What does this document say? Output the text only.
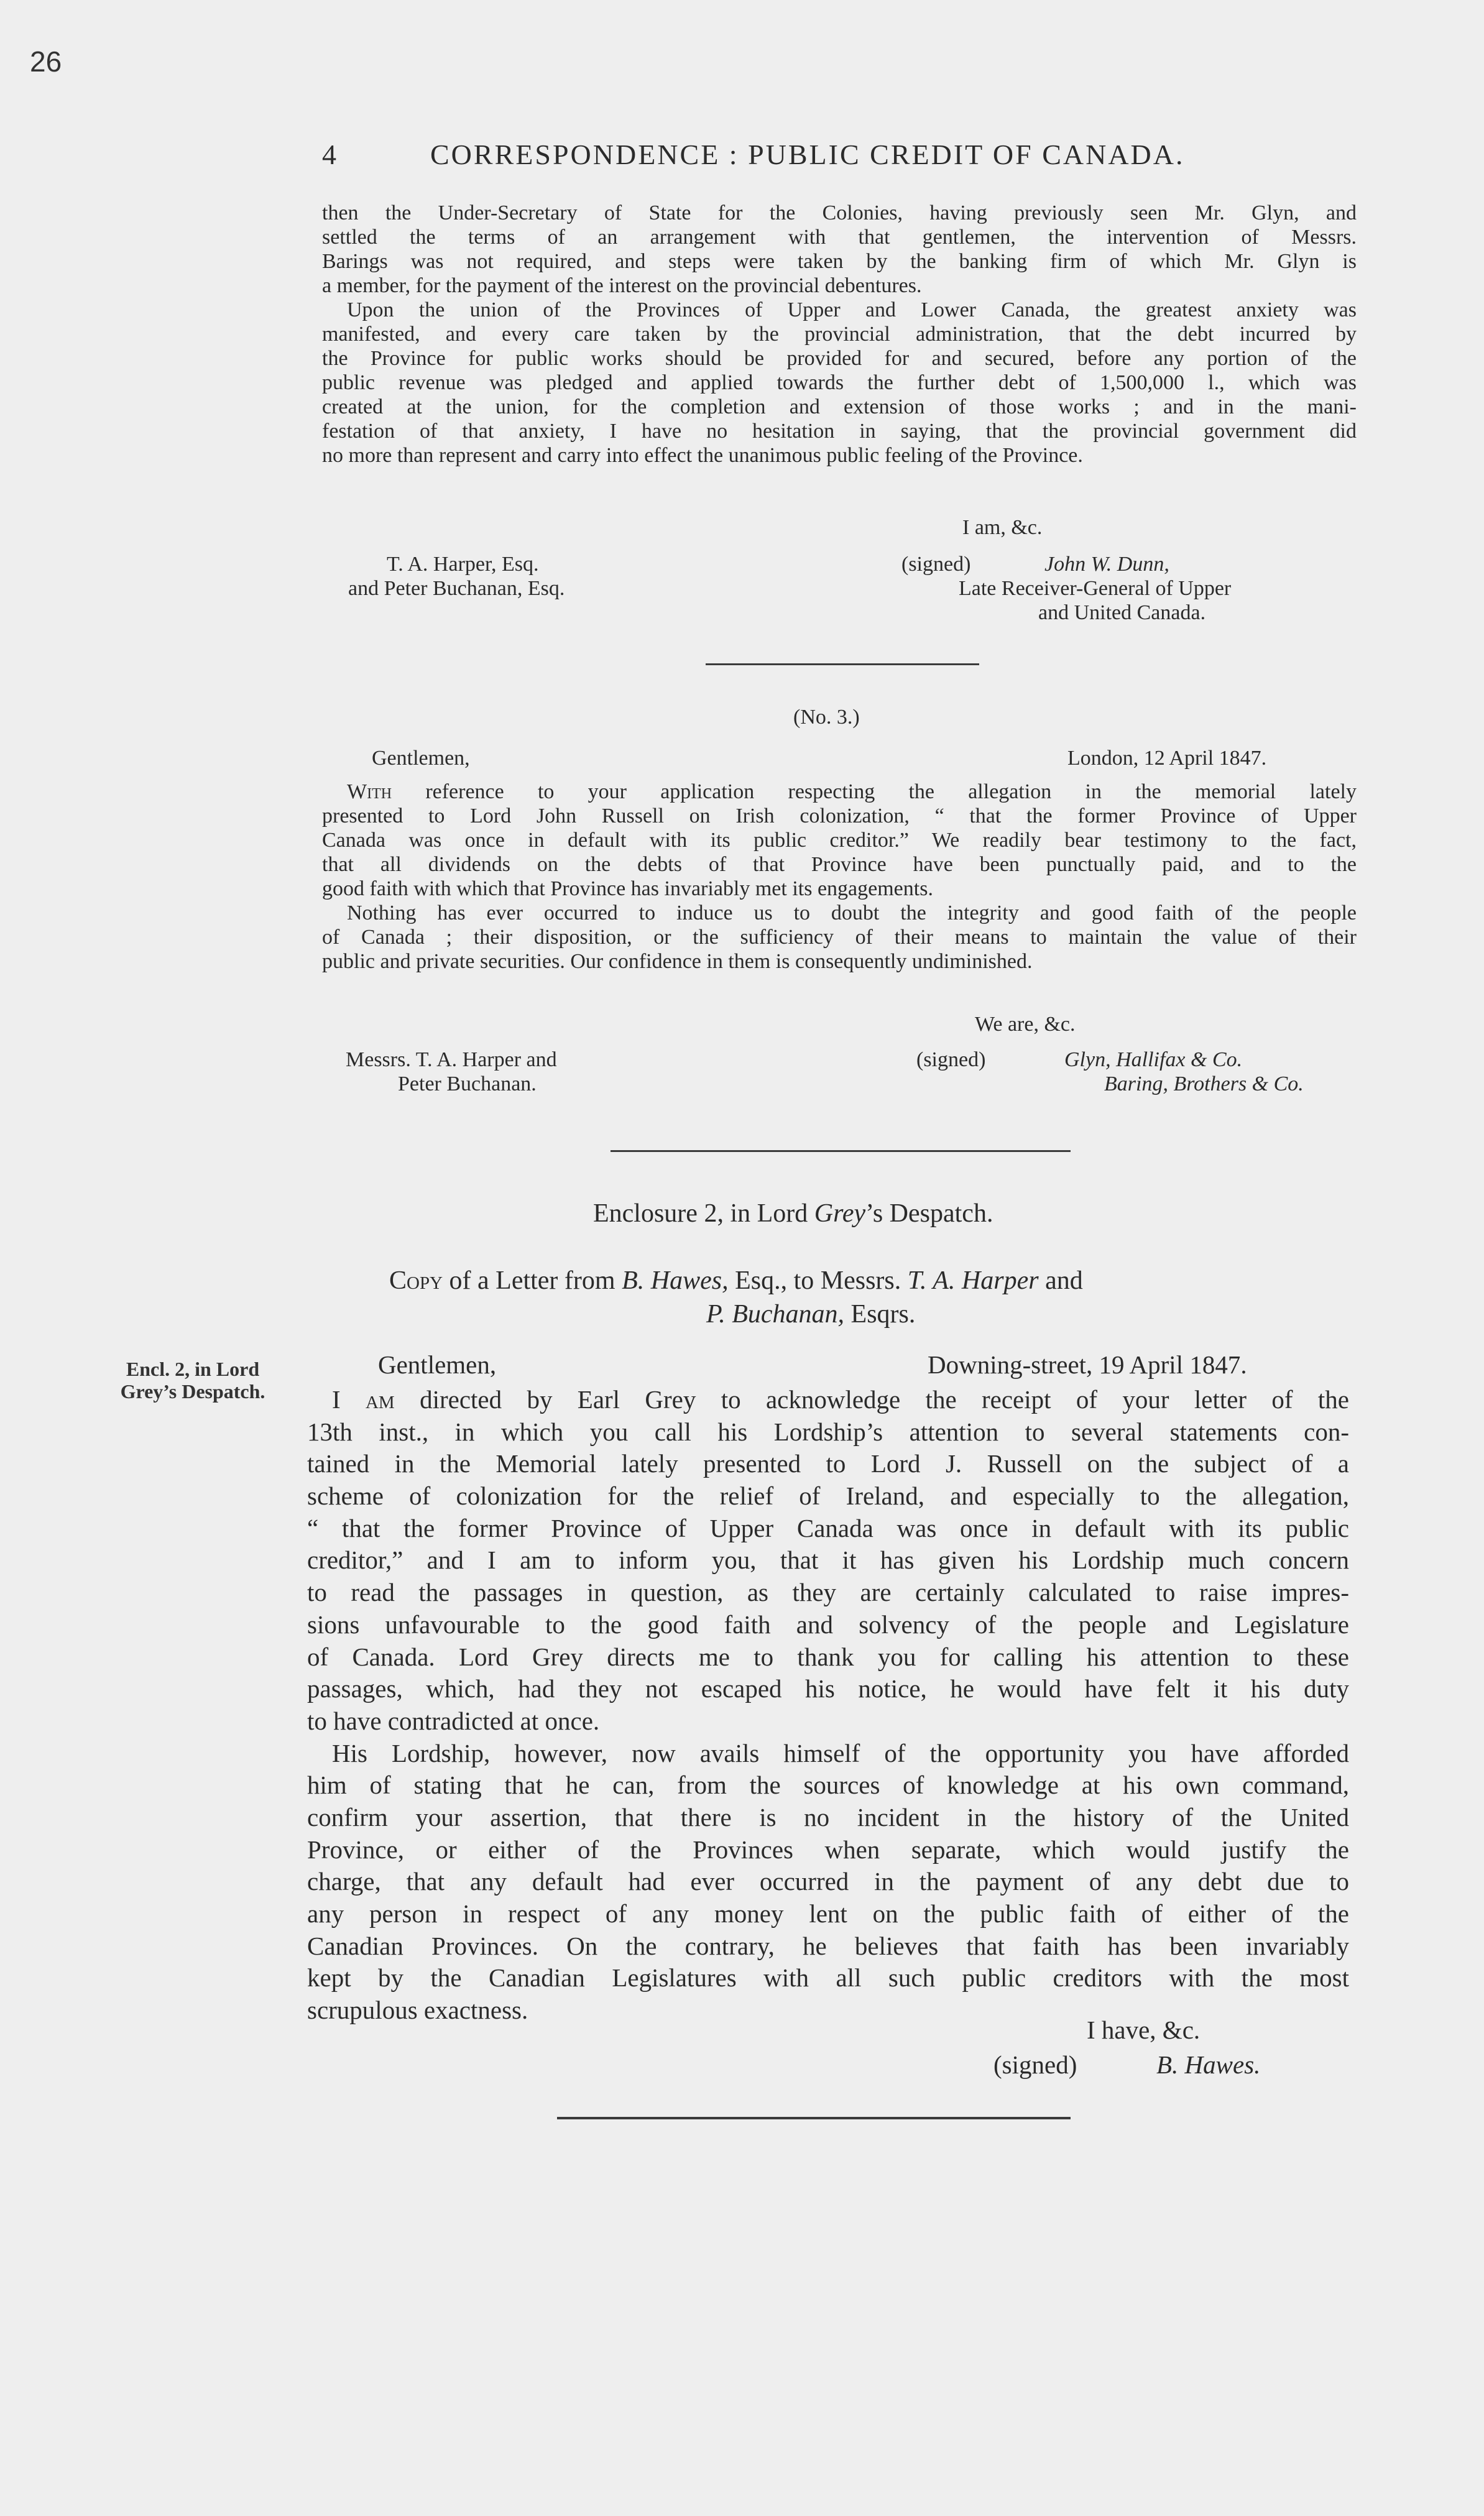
26
4	CORRESPONDENCE : PUBLIC CREDIT OF CANADA.
then the Under-Secretary of State for the Colonies, having previously seen Mr. Glyn, and
settled the terms of an arrangement with that gentlemen, the intervention of Messrs.
Barings was not required, and steps were taken by the banking firm of which Mr. Glyn is
a member, for the payment of the interest on the provincial debentures.
Upon the union of the Provinces of Upper and Lower Canada, the greatest anxiety was
manifested, and every care taken by the provincial administration, that the debt incurred by
the Province for public works should be provided for and secured, before any portion of the
public revenue was pledged and applied towards the further debt of 1,500,000 l., which was
created at the union, for the completion and extension of those works ; and in the mani-
festation of that anxiety, I have no hesitation in saying, that the provincial government did
no more than represent and carry into effect the unanimous public feeling of the Province.
I am, &c.
T. A. Harper, Esq.
and Peter Buchanan, Esq.
(signed)	John W. Dunn,
Late Receiver-General of Upper
and United Canada.
(No. 3.)
Gentlemen,	London, 12 April 1847.
With reference to your application respecting the allegation in the memorial lately
presented to Lord John Russell on Irish colonization, “ that the former Province of Upper
Canada was once in default with its public creditor.” We readily bear testimony to the fact,
that all dividends on the debts of that Province have been punctually paid, and to the
good faith with which that Province has invariably met its engagements.
Nothing has ever occurred to induce us to doubt the integrity and good faith of the people
of Canada ; their disposition, or the sufficiency of their means to maintain the value of their
public and private securities. Our confidence in them is consequently undiminished.
We are, &c.
Messrs. T. A. Harper and
Peter Buchanan.
(signed)	Glyn, Hallifax & Co.
Baring, Brothers & Co.
Enclosure 2, in Lord Grey’s Despatch.
Copy of a Letter from B. Hawes, Esq., to Messrs. T. A. Harper and
P. Buchanan, Esqrs.
Encl. 2, in Lord
Grey’s Despatch.
Gentlemen,	Downing-street, 19 April 1847.
I am directed by Earl Grey to acknowledge the receipt of your letter of the
13th inst., in which you call his Lordship’s attention to several statements con-
tained in the Memorial lately presented to Lord J. Russell on the subject of a
scheme of colonization for the relief of Ireland, and especially to the allegation,
“ that the former Province of Upper Canada was once in default with its public
creditor,” and I am to inform you, that it has given his Lordship much concern
to read the passages in question, as they are certainly calculated to raise impres-
sions unfavourable to the good faith and solvency of the people and Legislature
of Canada. Lord Grey directs me to thank you for calling his attention to these
passages, which, had they not escaped his notice, he would have felt it his duty
to have contradicted at once.
His Lordship, however, now avails himself of the opportunity you have afforded
him of stating that he can, from the sources of knowledge at his own command,
confirm your assertion, that there is no incident in the history of the United
Province, or either of the Provinces when separate, which would justify the
charge, that any default had ever occurred in the payment of any debt due to
any person in respect of any money lent on the public faith of either of the
Canadian Provinces. On the contrary, he believes that faith has been invariably
kept by the Canadian Legislatures with all such public creditors with the most
scrupulous exactness.
I have, &c.
(signed)	B. Hawes.
